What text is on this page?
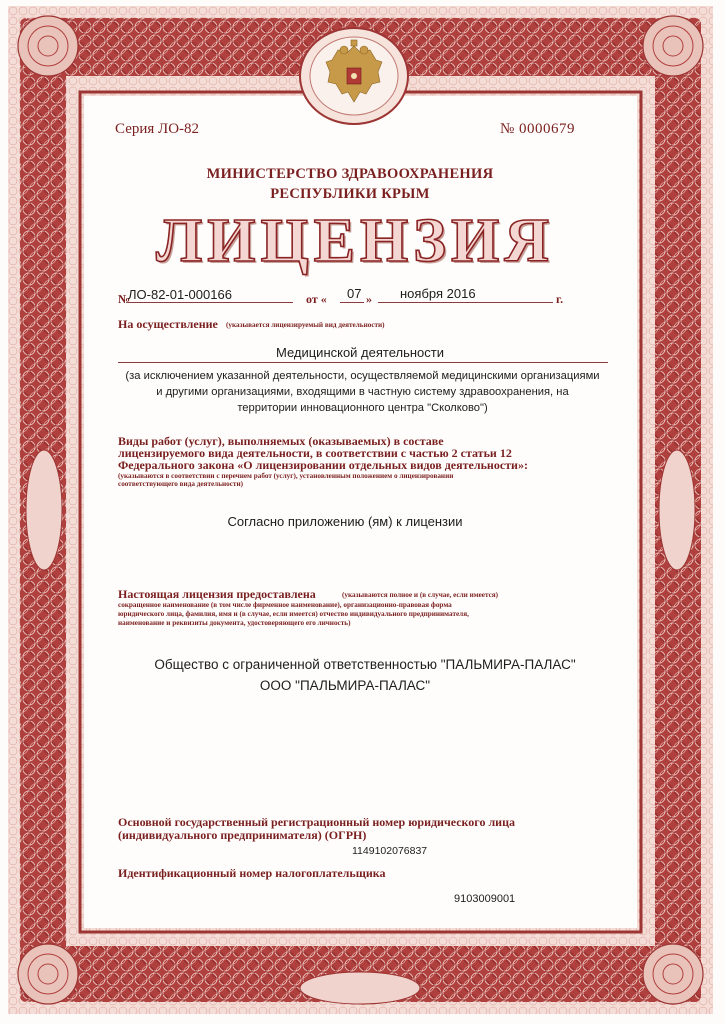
Серия ЛО-82	№ 0000679
МИНИСТЕРСТВО ЗДРАВООХРАНЕНИЯ
РЕСПУБЛИКИ КРЫМ
ЛИЦЕНЗИЯ
№
ЛО-82-01-000166	от « 07 » ноября 2016	г.
На осуществление (указывается лицензируемый вид деятельности)
Медицинской деятельности
(за исключением указанной деятельности, осуществляемой медицинскими организациями
и другими организациями, входящими в частную систему здравоохранения, на
территории инновационного центра "Сколково")
Виды работ (услуг), выполняемых (оказываемых) в составе
лицензируемого вида деятельности, в соответствии с частью 2 статьи 12
Федерального закона «О лицензировании отдельных видов деятельности»:
(указываются в соответствии с перечнем работ (услуг), установленным положением о лицензировании
соответствующего вида деятельности)
Согласно приложению (ям) к лицензии
Настоящая лицензия предоставлена	(указываются полное и (в случае, если имеется)
сокращенное наименование (в том числе фирменное наименование), организационно-правовая форма
юридического лица, фамилия, имя и (в случае, если имеется) отчество индивидуального предпринимателя,
наименование и реквизиты документа, удостоверяющего его личность)
Общество с ограниченной ответственностью "ПАЛЬМИРА-ПАЛАС"
ООО "ПАЛЬМИРА-ПАЛАС"
Основной государственный регистрационный номер юридического лица
(индивидуального предпринимателя) (ОГРН)
1149102076837
Идентификационный номер налогоплательщика
9103009001
